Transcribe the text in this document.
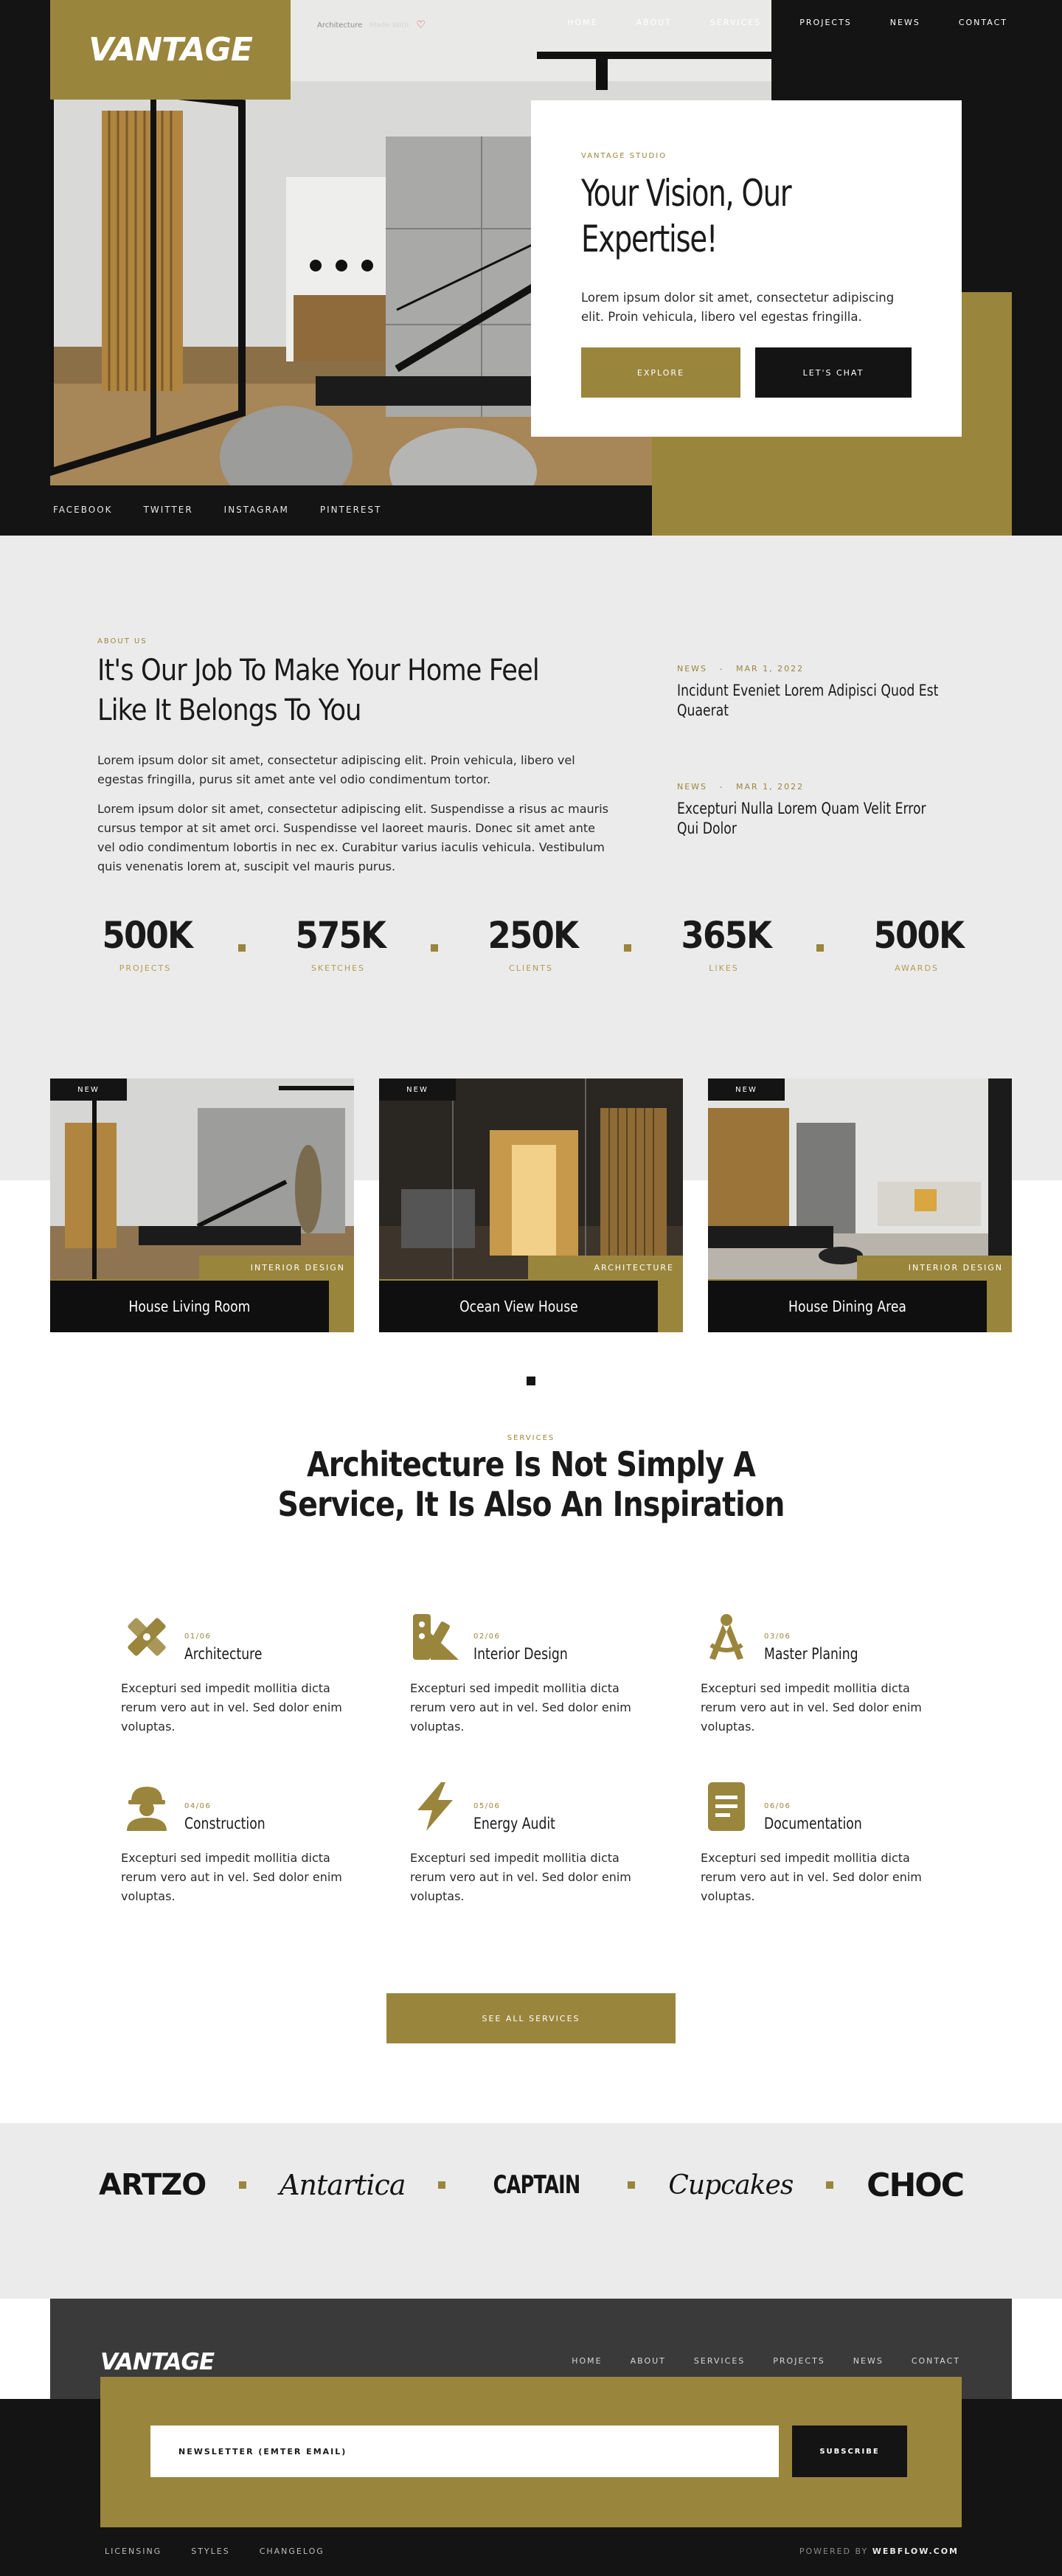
VANTAGE
Architecture Made With ♡	HOME	ABOUT	SERVICES	PROJECTS	NEWS	CONTACT
VANTAGE STUDIO
Your Vision, Our Expertise!
Lorem ipsum dolor sit amet, consectetur adipiscing elit. Proin vehicula, libero vel egestas fringilla.
EXPLORE	LET'S CHAT
FACEBOOK	TWITTER	INSTAGRAM	PINTEREST
ABOUT US
It's Our Job To Make Your Home Feel Like It Belongs To You
Lorem ipsum dolor sit amet, consectetur adipiscing elit. Proin vehicula, libero vel egestas fringilla, purus sit amet ante vel odio condimentum tortor.
Lorem ipsum dolor sit amet, consectetur adipiscing elit. Suspendisse a risus ac mauris cursus tempor at sit amet orci. Suspendisse vel laoreet mauris. Donec sit amet ante vel odio condimentum lobortis in nec ex. Curabitur varius iaculis vehicula. Vestibulum quis venenatis lorem at, suscipit vel mauris purus.
NEWS   -   MAR 1, 2022
Incidunt Eveniet Lorem Adipisci Quod Est Quaerat
NEWS   -   MAR 1, 2022
Excepturi Nulla Lorem Quam Velit Error Qui Dolor
500K
PROJECTS
575K
SKETCHES
250K
CLIENTS
365K
LIKES
500K
AWARDS
INTERIOR DESIGN
NEW
House Living Room
ARCHITECTURE
NEW
Ocean View House
INTERIOR DESIGN
NEW
House Dining Area
SERVICES
Architecture Is Not Simply A Service, It Is Also An Inspiration
01/06
Architecture
Excepturi sed impedit mollitia dicta rerum vero aut in vel. Sed dolor enim voluptas.
02/06
Interior Design
Excepturi sed impedit mollitia dicta rerum vero aut in vel. Sed dolor enim voluptas.
03/06
Master Planing
Excepturi sed impedit mollitia dicta rerum vero aut in vel. Sed dolor enim voluptas.
04/06
Construction
Excepturi sed impedit mollitia dicta rerum vero aut in vel. Sed dolor enim voluptas.
05/06
Energy Audit
Excepturi sed impedit mollitia dicta rerum vero aut in vel. Sed dolor enim voluptas.
06/06
Documentation
Excepturi sed impedit mollitia dicta rerum vero aut in vel. Sed dolor enim voluptas.
SEE ALL SERVICES
ARTZO	Antartica	CAPTAIN	Cupcakes CHOC
VANTAGE	HOME	ABOUT	SERVICES	PROJECTS	NEWS	CONTACT
NEWSLETTER (EMTER EMAIL)
SUBSCRIBE
LICENSING	STYLES	CHANGELOG	POWERED BY WEBFLOW.COM
